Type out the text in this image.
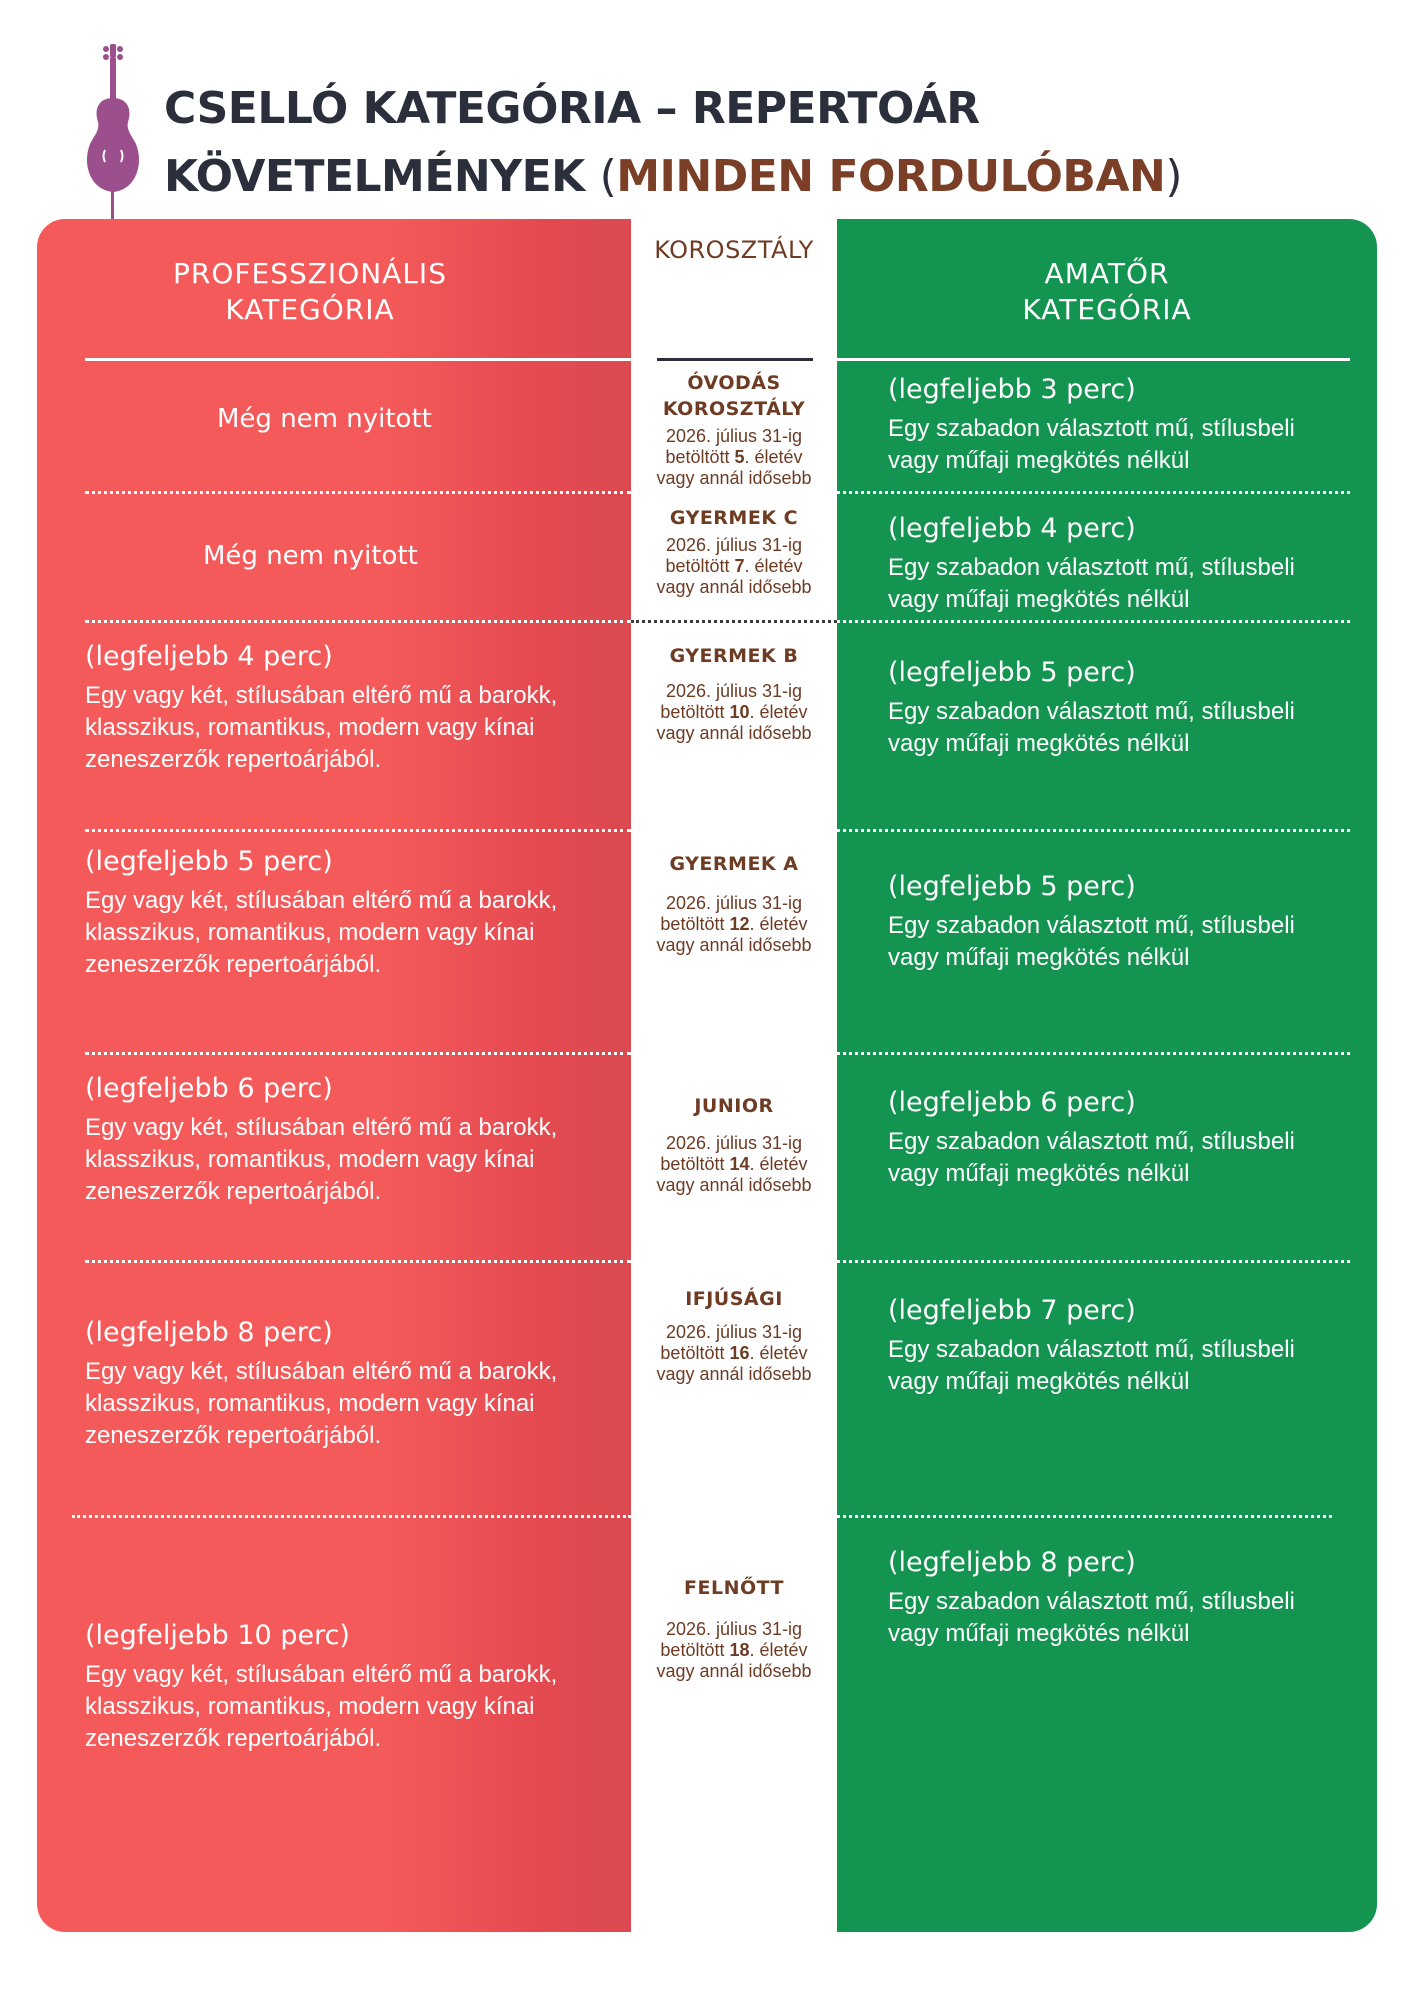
CSELLÓ KATEGÓRIA – REPERTOÁR
KÖVETELMÉNYEK (MINDEN FORDULÓBAN)
PROFESSZIONÁLIS
KATEGÓRIA
KOROSZTÁLY
AMATŐR
KATEGÓRIA
Még nem nyitott
ÓVODÁS KOROSZTÁLY
2026. július 31-ig
betöltött 5. életév
vagy annál idősebb
(legfeljebb 3 perc)
Egy szabadon választott mű, stílusbeli vagy műfaji megkötés nélkül
Még nem nyitott
GYERMEK C
2026. július 31-ig
betöltött 7. életév
vagy annál idősebb
(legfeljebb 4 perc)
Egy szabadon választott mű, stílusbeli vagy műfaji megkötés nélkül
(legfeljebb 4 perc)
Egy vagy két, stílusában eltérő mű a barokk, klasszikus, romantikus, modern vagy kínai zeneszerzők repertoárjából.
GYERMEK B
2026. július 31-ig
betöltött 10. életév
vagy annál idősebb
(legfeljebb 5 perc)
Egy szabadon választott mű, stílusbeli vagy műfaji megkötés nélkül
(legfeljebb 5 perc)
Egy vagy két, stílusában eltérő mű a barokk, klasszikus, romantikus, modern vagy kínai zeneszerzők repertoárjából.
GYERMEK A
2026. július 31-ig
betöltött 12. életév
vagy annál idősebb
(legfeljebb 5 perc)
Egy szabadon választott mű, stílusbeli vagy műfaji megkötés nélkül
(legfeljebb 6 perc)
Egy vagy két, stílusában eltérő mű a barokk, klasszikus, romantikus, modern vagy kínai zeneszerzők repertoárjából.
JUNIOR
2026. július 31-ig
betöltött 14. életév
vagy annál idősebb
(legfeljebb 6 perc)
Egy szabadon választott mű, stílusbeli vagy műfaji megkötés nélkül
(legfeljebb 8 perc)
Egy vagy két, stílusában eltérő mű a barokk, klasszikus, romantikus, modern vagy kínai zeneszerzők repertoárjából.
IFJÚSÁGI
2026. július 31-ig
betöltött 16. életév
vagy annál idősebb
(legfeljebb 7 perc)
Egy szabadon választott mű, stílusbeli vagy műfaji megkötés nélkül
(legfeljebb 10 perc)
Egy vagy két, stílusában eltérő mű a barokk, klasszikus, romantikus, modern vagy kínai zeneszerzők repertoárjából.
FELNŐTT
2026. július 31-ig
betöltött 18. életév
vagy annál idősebb
(legfeljebb 8 perc)
Egy szabadon választott mű, stílusbeli vagy műfaji megkötés nélkül
